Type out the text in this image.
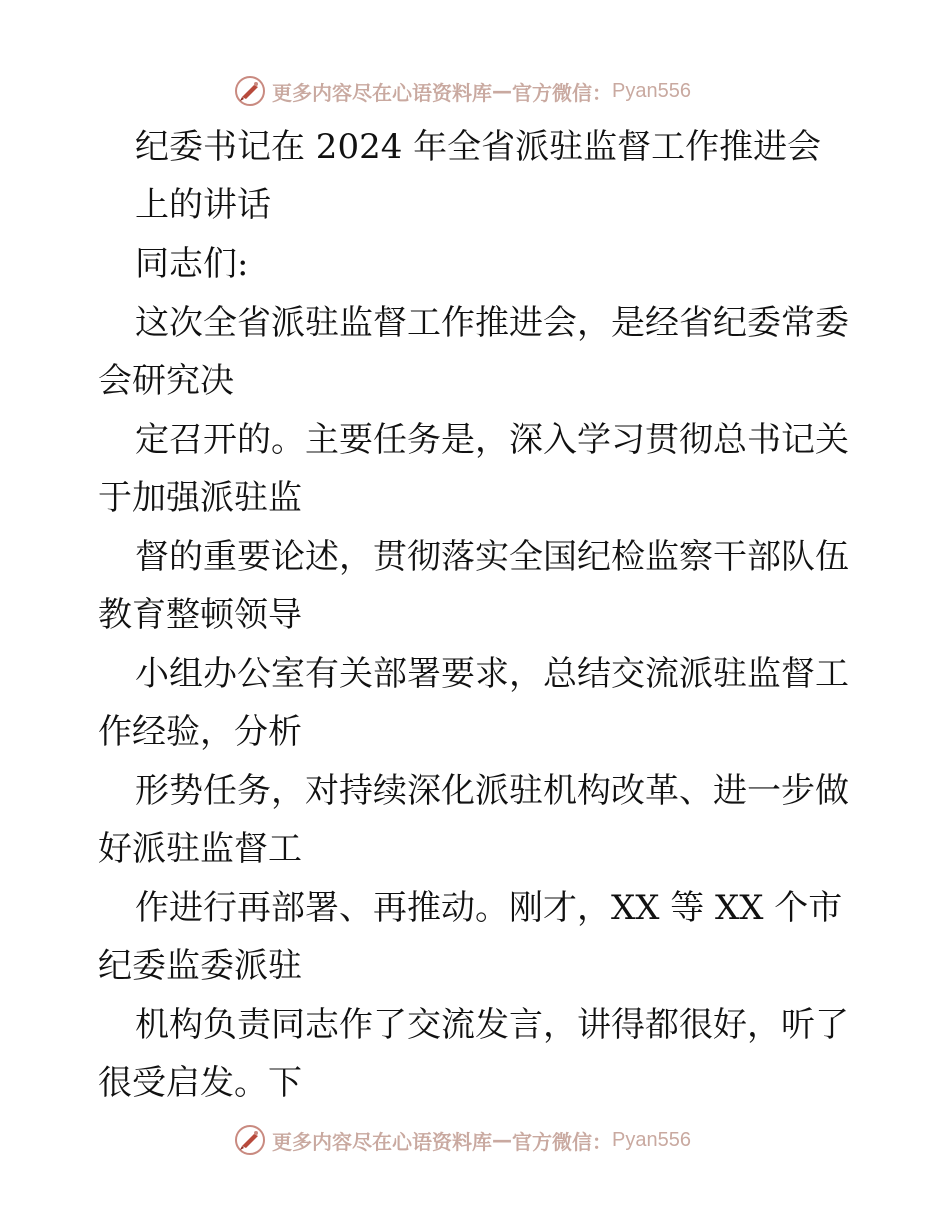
更多内容尽在心语资料库 — 官方微信： Pyan556
纪委书记在 2024 年全省派驻监督工作推进会
上的讲话
同志们:
这次全省派驻监督工作推进会，是经省纪委常委
会研究决
定召开的。主要任务是，深入学习贯彻总书记关
于加强派驻监
督的重要论述，贯彻落实全国纪检监察干部队伍
教育整顿领导
小组办公室有关部署要求，总结交流派驻监督工
作经验，分析
形势任务，对持续深化派驻机构改革、进一步做
好派驻监督工
作进行再部署、再推动。刚才，XX 等 XX 个市
纪委监委派驻
机构负责同志作了交流发言，讲得都很好，听了
很受启发。下
更多内容尽在心语资料库 — 官方微信： Pyan556
